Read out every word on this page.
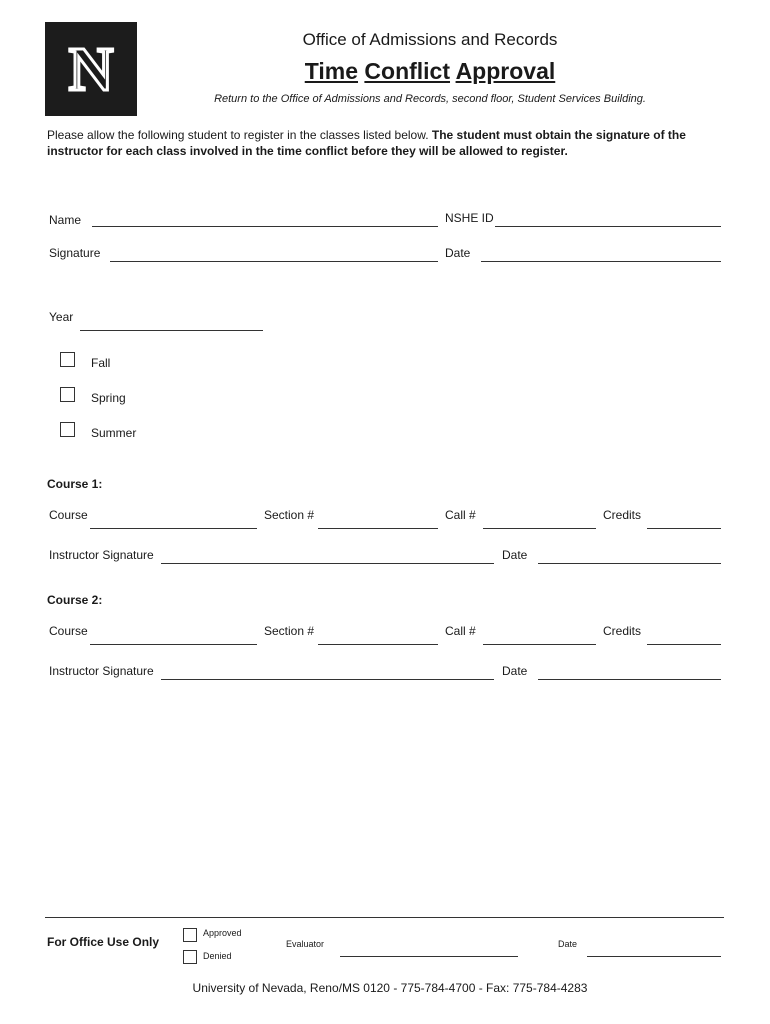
N	Office of Admissions and Records
Time Conflict Approval
Return to the Office of Admissions and Records, second floor, Student Services Building.
Please allow the following student to register in the classes listed below. The student must obtain the signature of the instructor for each class involved in the time conflict before they will be allowed to register.
Name	NSHE ID
Signature	Date
Year
Fall
Spring
Summer
Course 1:
Course	Section #	Call #	Credits
Instructor Signature	Date
Course 2:
Course	Section #	Call #	Credits
Instructor Signature	Date
For Office Use Only
Approved
Denied
Evaluator	Date
University of Nevada, Reno/MS 0120 - 775-784-4700 - Fax: 775-784-4283
